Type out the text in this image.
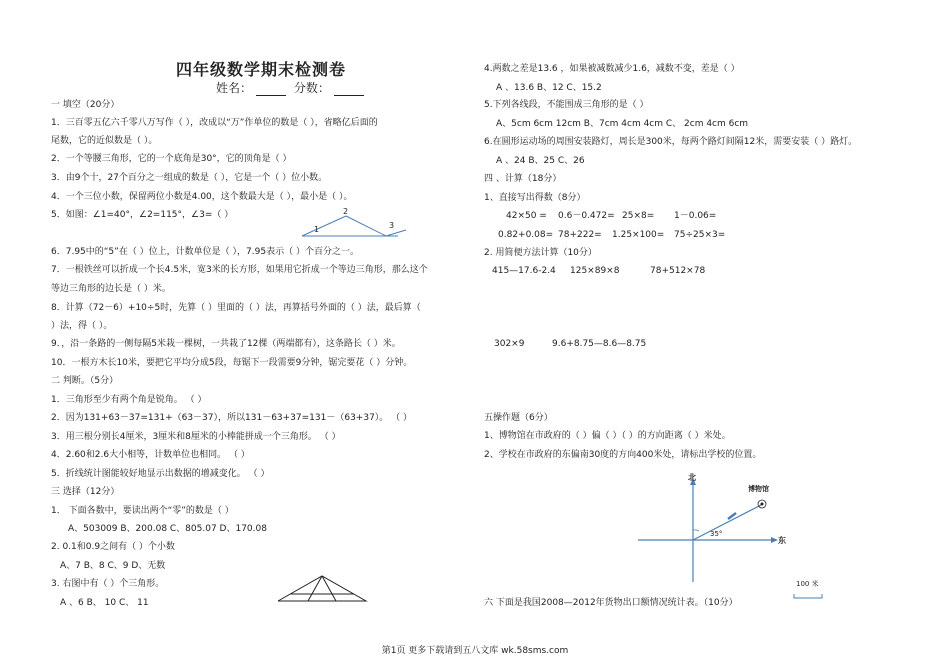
四年级数学期末检测卷
姓名：	分数：
一 填空（20分）
1．三百零五亿六千零八万写作（ ），改成以“万”作单位的数是（ ），省略亿后面的
尾数，它的近似数是（ ）。
2．一个等腰三角形，它的一个底角是30°，它的顶角是（ ）
3．由9个十，27个百分之一组成的数是（ ），它是一个（ ）位小数。
4．一个三位小数，保留两位小数是4.00，这个数最大是（ ），最小是（ ）。
5．如图：∠1=40°，∠2=115°，∠3=（ ）
1
2
3
6．7.95中的“5”在（ ）位上，计数单位是（ ），7.95表示（ ）个百分之一。
7．一根铁丝可以折成一个长4.5米，宽3米的长方形，如果用它折成一个等边三角形，那么这个
等边三角形的边长是（ ）米。
8．计算（72－6）+10÷5时，先算（ ）里面的（ ）法，再算括号外面的（ ）法，最后算（
）法，得（ ）。
9．，沿一条路的一侧每隔5米栽一棵树，一共栽了12棵（两端都有），这条路长（ ）米。
10．一根方木长10米，要把它平均分成5段，每锯下一段需要9分钟，锯完要花（ ）分钟。
二 判断。（5分）
1．三角形至少有两个角是锐角。 （ ）
2．因为131+63－37=131+（63－37），所以131－63+37=131－（63+37）。 （ ）
3．用三根分别长4厘米，3厘米和8厘米的小棒能拼成一个三角形。 （ ）
4．2.60和2.6大小相等，计数单位也相同。 （ ）
5．折线统计图能较好地显示出数据的增减变化。 （ ）
三 选择（12分）
1． 下面各数中，要读出两个“零”的数是（ ）
A、503009 B、200.08 C、805.07 D、170.08
2. 0.1和0.9之间有（ ）个小数
A、7 B、8 C、9 D、无数
3. 右图中有（ ）个三角形。
A 、6 B、 10 C、 11
4.两数之差是13.6 ，如果被减数减少1.6，减数不变，差是（ ）
A 、13.6 B、12 C、15.2
5.下列各线段，不能围成三角形的是（ ）
A、5cm 6cm 12cm B、7cm 4cm 4cm C、 2cm 4cm 6cm
6.在圆形运动场的周围安装路灯，周长是300米，每两个路灯间隔12米，需要安装（ ）路灯。
A 、24 B、25 C、26
四 、计算（18分）
1、直接写出得数（8分）
42×50 = 0.6－0.472= 25×8= 1－0.06=
0.82+0.08= 78+222= 1.25×100= 75÷25×3=
2. 用简便方法计算（10分）
415—17.6-2.4 125×89×8	78+512×78
302×9	9.6+8.75—8.6—8.75
五操作题（6分）
1、博物馆在市政府的（ ）偏（ ）（ ）的方向距离（ ）米处。
2、学校在市政府的东偏南30度的方向400米处，请标出学校的位置。
北
东
博物馆
35°
100 米
六 下面是我国2008—2012年货物出口额情况统计表。（10分）
第1页 更多下载请到五八文库 wk.58sms.com
